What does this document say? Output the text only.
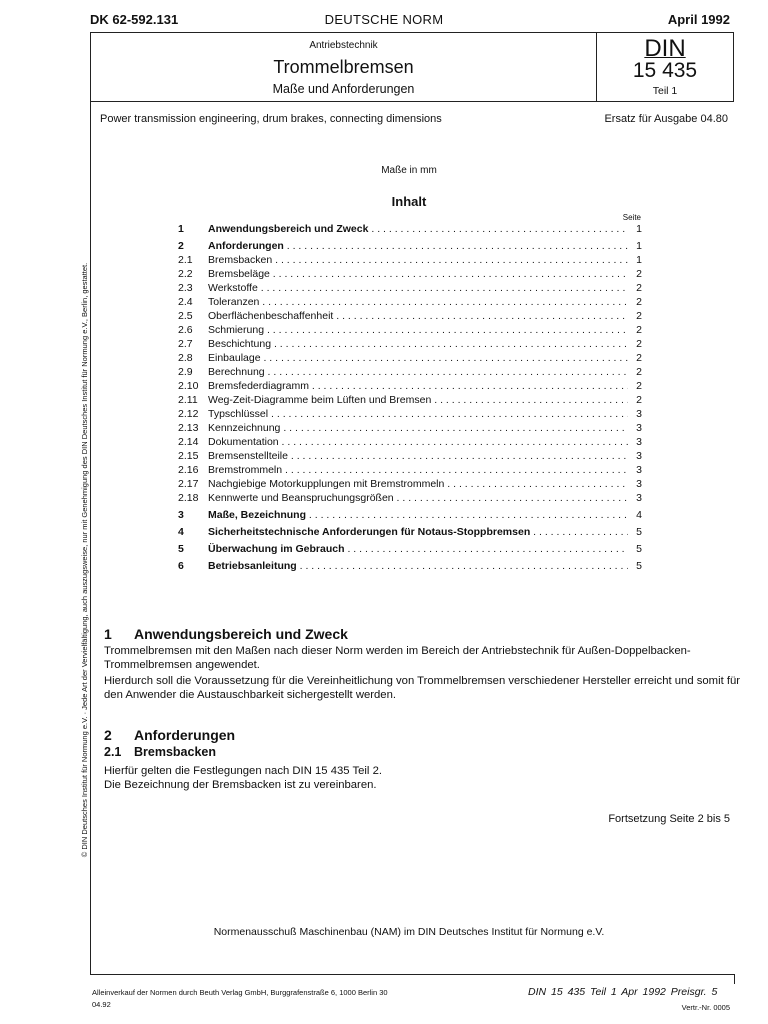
DK 62-592.131	DEUTSCHE NORM	April 1992
Antriebstechnik
Trommelbremsen
Maße und Anforderungen
DIN
15 435
Teil 1
© DIN Deutsches Institut für Normung e.V. · Jede Art der Vervielfältigung, auch auszugsweise, nur mit Genehmigung des DIN Deutsches Institut für Normung e.V., Berlin, gestattet.
Power transmission engineering, drum brakes, connecting dimensions	Ersatz für Ausgabe 04.80
Maße in mm
Inhalt
Seite
1 Anwendungsbereich und Zweck . . .	1
2 Anforderungen . . .	1
2.1 Bremsbacken . . .	1
2.2 Bremsbeläge . . .	2
2.3 Werkstoffe . . .	2
2.4 Toleranzen . . .	2
2.5 Oberflächenbeschaffenheit . . .	2
2.6 Schmierung . . .	2
2.7 Beschichtung . . .	2
2.8 Einbaulage . . .	2
2.9 Berechnung . . .	2
2.10 Bremsfederdiagramm . . .	2
2.11 Weg-Zeit-Diagramme beim Lüften und Bremsen . . .	2
2.12 Typschlüssel . . .	3
2.13 Kennzeichnung . . .	3
2.14 Dokumentation . . .	3
2.15 Bremsenstellteile . . .	3
2.16 Bremstrommeln . . .	3
2.17 Nachgiebige Motorkupplungen mit Bremstrommeln . . .	3
2.18 Kennwerte und Beanspruchungsgrößen . . .	3
3 Maße, Bezeichnung . . .	4
4 Sicherheitstechnische Anforderungen für Notaus-Stoppbremsen . . .	5
5 Überwachung im Gebrauch . . .	5
6 Betriebsanleitung . . .	5
1 Anwendungsbereich und Zweck
Trommelbremsen mit den Maßen nach dieser Norm werden im Bereich der Antriebstechnik für Außen-Doppelbacken-Trommelbremsen angewendet.
Hierdurch soll die Voraussetzung für die Vereinheitlichung von Trommelbremsen verschiedener Hersteller erreicht und somit für den Anwender die Austauschbarkeit sichergestellt werden.
2 Anforderungen
2.1 Bremsbacken
Hierfür gelten die Festlegungen nach DIN 15 435 Teil 2.
Die Bezeichnung der Bremsbacken ist zu vereinbaren.
Fortsetzung Seite 2 bis 5
Normenausschuß Maschinenbau (NAM) im DIN Deutsches Institut für Normung e.V.
Alleinverkauf der Normen durch Beuth Verlag GmbH, Burggrafenstraße 6, 1000 Berlin 30
04.92
DIN 15 435 Teil 1 Apr 1992 Preisgr. 5
Vertr.-Nr. 0005
